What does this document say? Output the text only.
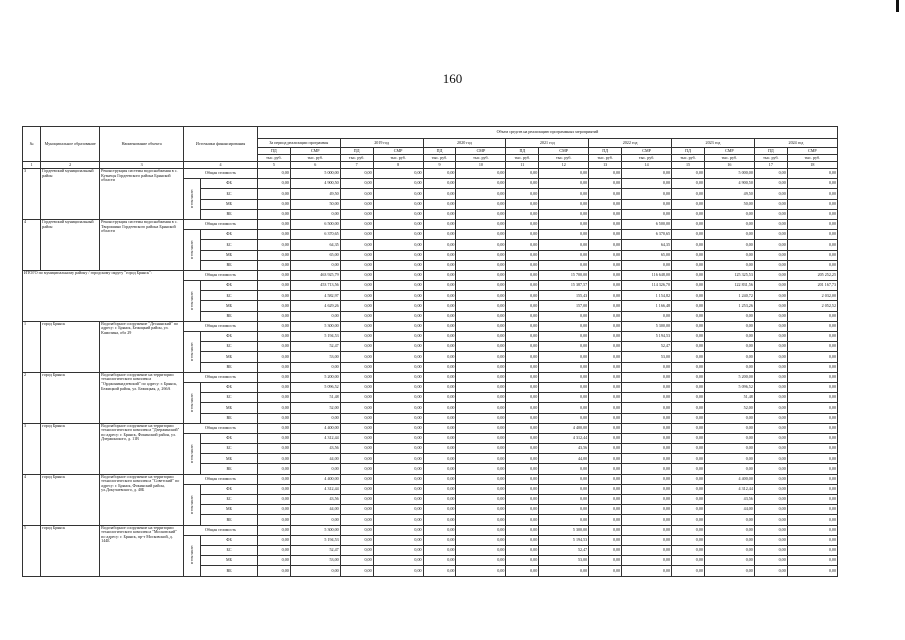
160
№	Муниципальное образование	Наименование объекта	Источники финансирования		Объем средств на реализацию программных мероприятий													
					За период реализации программы		2019 год		2020 год		2021 год		2022 год		2023 год		2024 год	
					ПД	СМР	ПД	СМР	ПД	СМР	ПД	СМР	ПД	СМР	ПД	СМР	ПД	СМР
					тыс. руб.	тыс. руб.	тыс. руб.	тыс. руб.	тыс. руб.	тыс. руб.	тыс. руб.	тыс. руб.	тыс. руб.	тыс. руб.	тыс. руб.	тыс. руб.	тыс. руб.	тыс. руб.
1	2	3	4		5	6	7	8	9	10	11	12	13	14	15	16	17	18
3	Гордеевский муниципальный район	Реконструкция системы водоснабжения в с. Кузнецы Гордеевского района Брянской области	Общая стоимость		0,00	5 000,00	0,00	0,00	0,00	0,00	0,00	0,00	0,00	0,00	0,00	5 000,00	0,00	0,00
			в том числе:	ФБ	0,00	4 900,50	0,00	0,00	0,00	0,00	0,00	0,00	0,00	0,00	0,00	4 900,50	0,00	0,00
				БС	0,00	49,50	0,00	0,00	0,00	0,00	0,00	0,00	0,00	0,00	0,00	49,50	0,00	0,00
				МБ	0,00	50,00	0,00	0,00	0,00	0,00	0,00	0,00	0,00	0,00	0,00	50,00	0,00	0,00
				ВБ	0,00	0,00	0,00	0,00	0,00	0,00	0,00	0,00	0,00	0,00	0,00	0,00	0,00	0,00
4	Гордеевский муниципальный район	Реконструкция системы водоснабжения в с. Творишино Гордеевского района Брянской области	Общая стоимость		0,00	6 500,00	0,00	0,00	0,00	0,00	0,00	0,00	0,00	6 500,00	0,00	0,00	0,00	0,00
			в том числе:	ФБ	0,00	6 370,65	0,00	0,00	0,00	0,00	0,00	0,00	0,00	6 370,65	0,00	0,00	0,00	0,00
				БС	0,00	64,35	0,00	0,00	0,00	0,00	0,00	0,00	0,00	64,35	0,00	0,00	0,00	0,00
				МБ	0,00	65,00	0,00	0,00	0,00	0,00	0,00	0,00	0,00	65,00	0,00	0,00	0,00	0,00
				ВБ	0,00	0,00	0,00	0,00	0,00	0,00	0,00	0,00	0,00	0,00	0,00	0,00	0,00	0,00
ИТОГО по муниципальному району / городскому округу "город Брянск":			Общая стоимость		0,00	463 925,79	0,00	0,00	0,00	0,00	0,00	15 700,00	0,00	116 648,00	0,00	125 325,53	0,00	205 252,25
			в том числе:	ФБ	0,00	453 713,56	0,00	0,00	0,00	0,00	0,00	15 387,57	0,00	114 326,70	0,00	122 831,56	0,00	201 167,73
				БС	0,00	4 582,97	0,00	0,00	0,00	0,00	0,00	155,43	0,00	1 154,82	0,00	1 240,72	0,00	2 032,00
				МБ	0,00	4 629,26	0,00	0,00	0,00	0,00	0,00	157,00	0,00	1 166,48	0,00	1 253,26	0,00	2 052,52
				ВБ	0,00	0,00	0,00	0,00	0,00	0,00	0,00	0,00	0,00	0,00	0,00	0,00	0,00	0,00
1	город Брянск	Водозаборное сооружение "Деснянский" по адресу: г. Брянск, Бежицкий район, ул. Камозина, обл 29	Общая стоимость		0,00	5 300,00	0,00	0,00	0,00	0,00	0,00	0,00	0,00	5 300,00	0,00	0,00	0,00	0,00
			в том числе:	ФБ	0,00	5 194,53	0,00	0,00	0,00	0,00	0,00	0,00	0,00	5 194,53	0,00	0,00	0,00	0,00
				БС	0,00	52,47	0,00	0,00	0,00	0,00	0,00	0,00	0,00	52,47	0,00	0,00	0,00	0,00
				МБ	0,00	53,00	0,00	0,00	0,00	0,00	0,00	0,00	0,00	53,00	0,00	0,00	0,00	0,00
				ВБ	0,00	0,00	0,00	0,00	0,00	0,00	0,00	0,00	0,00	0,00	0,00	0,00	0,00	0,00
2	город Брянск	Водозаборное сооружение на территории технологического комплекса "Орджоникидзевский" по адресу: г. Брянск, Бежицкий район, ул. Бежицкая, д. 266А	Общая стоимость		0,00	5 200,00	0,00	0,00	0,00	0,00	0,00	0,00	0,00	0,00	0,00	5 200,00	0,00	0,00
			в том числе:	ФБ	0,00	5 096,52	0,00	0,00	0,00	0,00	0,00	0,00	0,00	0,00	0,00	5 096,52	0,00	0,00
				БС	0,00	51,48	0,00	0,00	0,00	0,00	0,00	0,00	0,00	0,00	0,00	51,48	0,00	0,00
				МБ	0,00	52,00	0,00	0,00	0,00	0,00	0,00	0,00	0,00	0,00	0,00	52,00	0,00	0,00
				ВБ	0,00	0,00	0,00	0,00	0,00	0,00	0,00	0,00	0,00	0,00	0,00	0,00	0,00	0,00
3	город Брянск	Водозаборное сооружение на территории технологического комплекса "Дзержинский" по адресу: г. Брянск, Фокинский район, ул. Дзержинского, д. 11В	Общая стоимость		0,00	4 400,00	0,00	0,00	0,00	0,00	0,00	4 400,00	0,00	0,00	0,00	0,00	0,00	0,00
			в том числе:	ФБ	0,00	4 312,44	0,00	0,00	0,00	0,00	0,00	4 312,44	0,00	0,00	0,00	0,00	0,00	0,00
				БС	0,00	43,56	0,00	0,00	0,00	0,00	0,00	43,56	0,00	0,00	0,00	0,00	0,00	0,00
				МБ	0,00	44,00	0,00	0,00	0,00	0,00	0,00	44,00	0,00	0,00	0,00	0,00	0,00	0,00
				ВБ	0,00	0,00	0,00	0,00	0,00	0,00	0,00	0,00	0,00	0,00	0,00	0,00	0,00	0,00
4	город Брянск	Водозаборное сооружение на территории технологического комплекса "Советский" по адресу: г. Брянск, Фокинский район, ул.Докучаевского, д. 40Б	Общая стоимость		0,00	4 400,00	0,00	0,00	0,00	0,00	0,00	0,00	0,00	0,00	0,00	4 400,00	0,00	0,00
			в том числе:	ФБ	0,00	4 312,44	0,00	0,00	0,00	0,00	0,00	0,00	0,00	0,00	0,00	4 312,44	0,00	0,00
				БС	0,00	43,56	0,00	0,00	0,00	0,00	0,00	0,00	0,00	0,00	0,00	43,56	0,00	0,00
				МБ	0,00	44,00	0,00	0,00	0,00	0,00	0,00	0,00	0,00	0,00	0,00	44,00	0,00	0,00
				ВБ	0,00	0,00	0,00	0,00	0,00	0,00	0,00	0,00	0,00	0,00	0,00	0,00	0,00	0,00
5	город Брянск	Водозаборное сооружение на территории технологического комплекса "Московский" по адресу: г. Брянск, пр-т Московский, д. 144Б	Общая стоимость		0,00	5 300,00	0,00	0,00	0,00	0,00	0,00	5 300,00	0,00	0,00	0,00	0,00	0,00	0,00
			в том числе:	ФБ	0,00	5 194,53	0,00	0,00	0,00	0,00	0,00	5 194,53	0,00	0,00	0,00	0,00	0,00	0,00
				БС	0,00	52,47	0,00	0,00	0,00	0,00	0,00	52,47	0,00	0,00	0,00	0,00	0,00	0,00
				МБ	0,00	53,00	0,00	0,00	0,00	0,00	0,00	53,00	0,00	0,00	0,00	0,00	0,00	0,00
				ВБ	0,00	0,00	0,00	0,00	0,00	0,00	0,00	0,00	0,00	0,00	0,00	0,00	0,00	0,00
